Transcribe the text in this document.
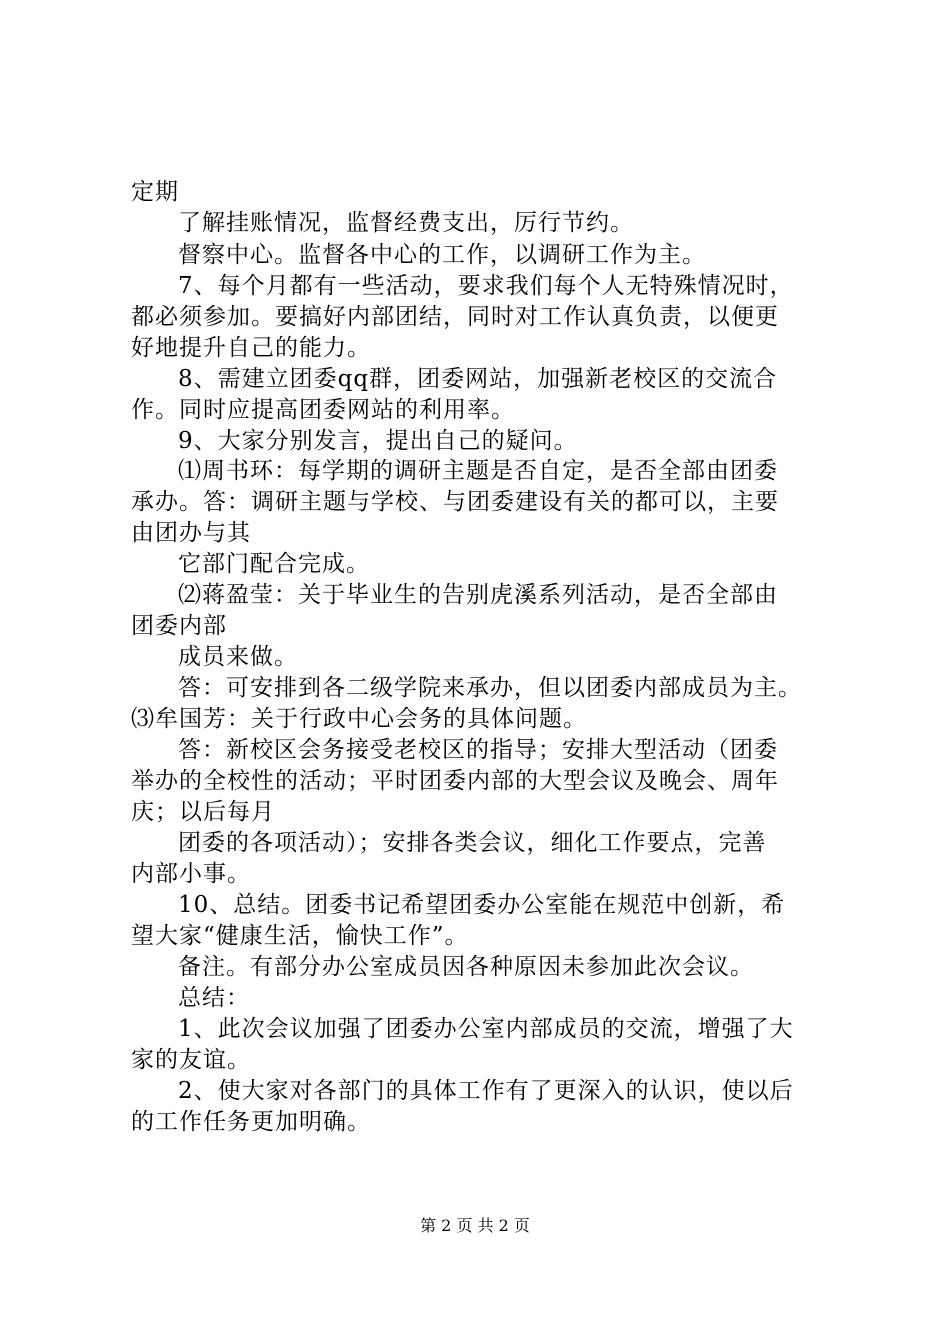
定期
了解挂账情况，监督经费支出，厉行节约。
督察中心。监督各中心的工作，以调研工作为主。
7、每个月都有一些活动，要求我们每个人无特殊情况时，
都必须参加。要搞好内部团结，同时对工作认真负责，以便更
好地提升自己的能力。
8、需建立团委qq群，团委网站，加强新老校区的交流合
作。同时应提高团委网站的利用率。
9、大家分别发言，提出自己的疑问。
⑴周书环：每学期的调研主题是否自定，是否全部由团委
承办。答：调研主题与学校、与团委建设有关的都可以，主要
由团办与其
它部门配合完成。
⑵蒋盈莹：关于毕业生的告别虎溪系列活动，是否全部由
团委内部
成员来做。
答：可安排到各二级学院来承办，但以团委内部成员为主。
⑶牟国芳：关于行政中心会务的具体问题。
答：新校区会务接受老校区的指导；安排大型活动（团委
举办的全校性的活动；平时团委内部的大型会议及晚会、周年
庆；以后每月
团委的各项活动）；安排各类会议，细化工作要点，完善
内部小事。
10、总结。团委书记希望团委办公室能在规范中创新，希
望大家“健康生活，愉快工作”。
备注。有部分办公室成员因各种原因未参加此次会议。
总结：
1、此次会议加强了团委办公室内部成员的交流，增强了大
家的友谊。
2、使大家对各部门的具体工作有了更深入的认识，使以后
的工作任务更加明确。
第 2 页 共 2 页
